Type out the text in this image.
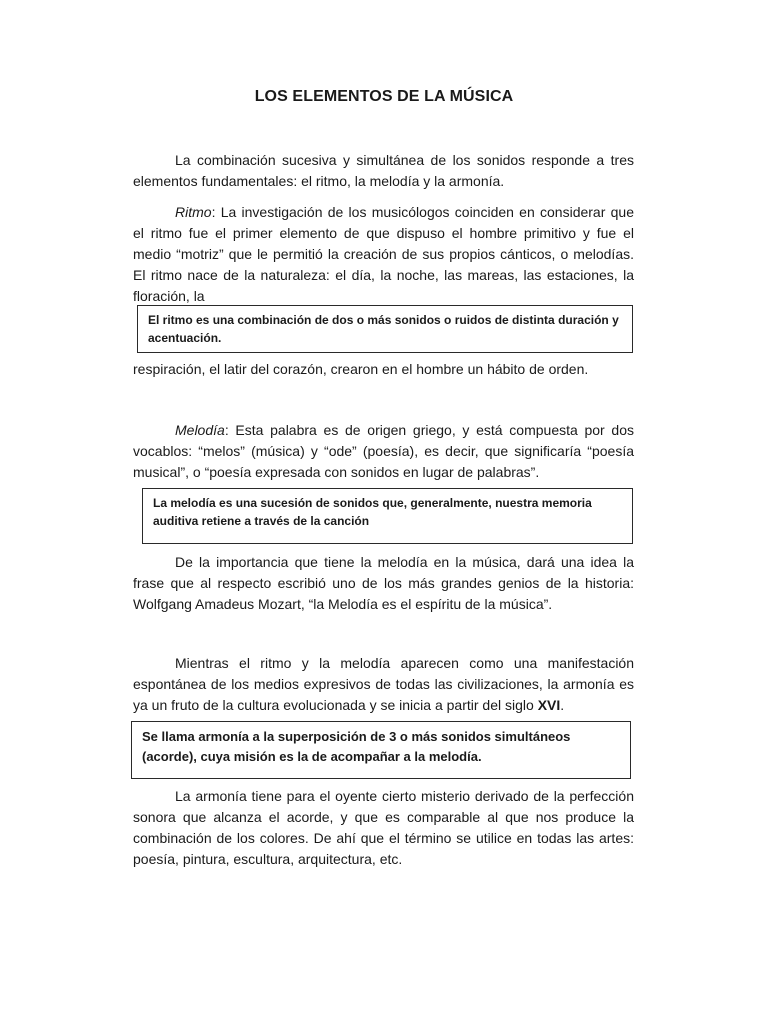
LOS ELEMENTOS DE LA MÚSICA

La combinación sucesiva y simultánea de los sonidos responde a tres elementos fundamentales: el ritmo, la melodía y la armonía.

Ritmo: La investigación de los musicólogos coinciden en considerar que el ritmo fue el primer elemento de que dispuso el hombre primitivo y fue el medio “motriz” que le permitió la creación de sus propios cánticos, o melodías. El ritmo nace de la naturaleza: el día, la noche, las mareas, las estaciones, la floración, la

El ritmo es una combinación de dos o más sonidos o ruidos de distinta duración y acentuación.

respiración, el latir del corazón, crearon en el hombre un hábito de orden.

Melodía: Esta palabra es de origen griego, y está compuesta por dos vocablos: “melos” (música) y “ode” (poesía), es decir, que significaría “poesía musical”, o “poesía expresada con sonidos en lugar de palabras”.

La melodía es una sucesión de sonidos que, generalmente, nuestra memoria auditiva retiene a través de la canción

De la importancia que tiene la melodía en la música, dará una idea la frase que al respecto escribió uno de los más grandes genios de la historia: Wolfgang Amadeus Mozart, “la Melodía es el espíritu de la música”.

Mientras el ritmo y la melodía aparecen como una manifestación espontánea de los medios expresivos de todas las civilizaciones, la armonía es ya un fruto de la cultura evolucionada y se inicia a partir del siglo XVI.

Se llama armonía a la superposición de 3 o más sonidos simultáneos (acorde), cuya misión es la de acompañar a la melodía.

La armonía tiene para el oyente cierto misterio derivado de la perfección sonora que alcanza el acorde, y que es comparable al que nos produce la combinación de los colores. De ahí que el término se utilice en todas las artes: poesía, pintura, escultura, arquitectura, etc.
